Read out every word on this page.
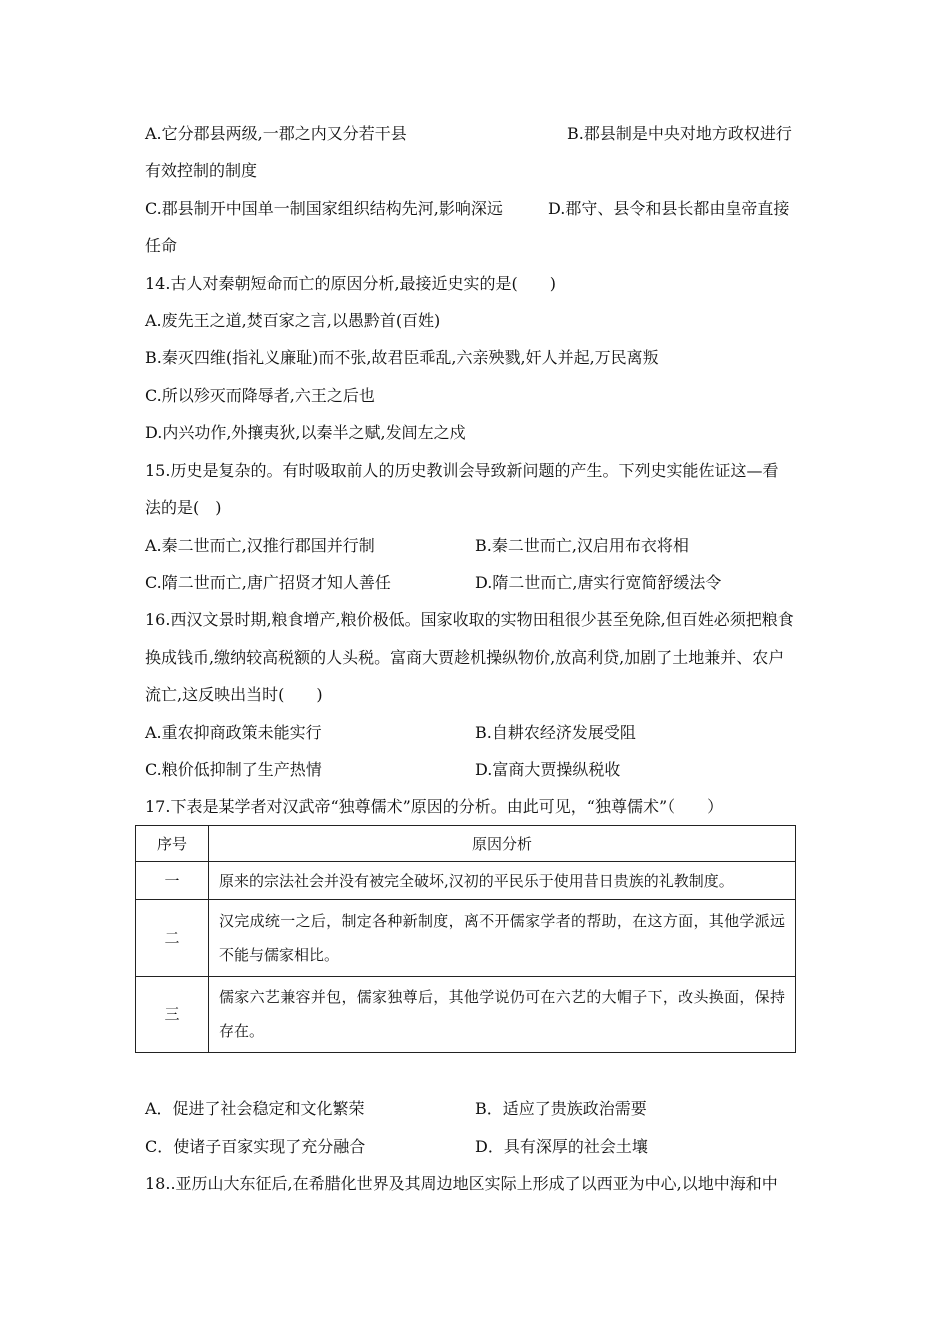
A.它分郡县两级,一郡之内又分若干县	B.郡县制是中央对地方政权进行
有效控制的制度
C.郡县制开中国单一制国家组织结构先河,影响深远	D.郡守、县令和县长都由皇帝直接
任命
14.古人对秦朝短命而亡的原因分析,最接近史实的是(　　)
A.废先王之道,焚百家之言,以愚黔首(百姓)
B.秦灭四维(指礼义廉耻)而不张,故君臣乖乱,六亲殃戮,奸人并起,万民离叛
C.所以殄灭而降辱者,六王之后也
D.内兴功作,外攘夷狄,以秦半之赋,发闾左之戍
15.历史是复杂的。有时吸取前人的历史教训会导致新问题的产生。下列史实能佐证这—看
法的是(　)
A.秦二世而亡,汉推行郡国并行制	B.秦二世而亡,汉启用布衣将相
C.隋二世而亡,唐广招贤才知人善任	D.隋二世而亡,唐实行宽简舒缓法令
16.西汉文景时期,粮食增产,粮价极低。国家收取的实物田租很少甚至免除,但百姓必须把粮食
换成钱币,缴纳较高税额的人头税。富商大贾趁机操纵物价,放高利贷,加剧了土地兼并、农户
流亡,这反映出当时(　　)
A.重农抑商政策未能实行	B.自耕农经济发展受阻
C.粮价低抑制了生产热情	D.富商大贾操纵税收
17.下表是某学者对汉武帝“独尊儒术”原因的分析。由此可见，“独尊儒术”（　　）
序号	原因分析
一	原来的宗法社会并没有被完全破坏,汉初的平民乐于使用昔日贵族的礼教制度。
二	汉完成统一之后，制定各种新制度，离不开儒家学者的帮助，在这方面，其他学派远不能与儒家相比。
三	儒家六艺兼容并包，儒家独尊后，其他学说仍可在六艺的大帽子下，改头换面，保持存在。
A．促进了社会稳定和文化繁荣	B．适应了贵族政治需要
C．使诸子百家实现了充分融合	D．具有深厚的社会土壤
18..亚历山大东征后,在希腊化世界及其周边地区实际上形成了以西亚为中心,以地中海和中
